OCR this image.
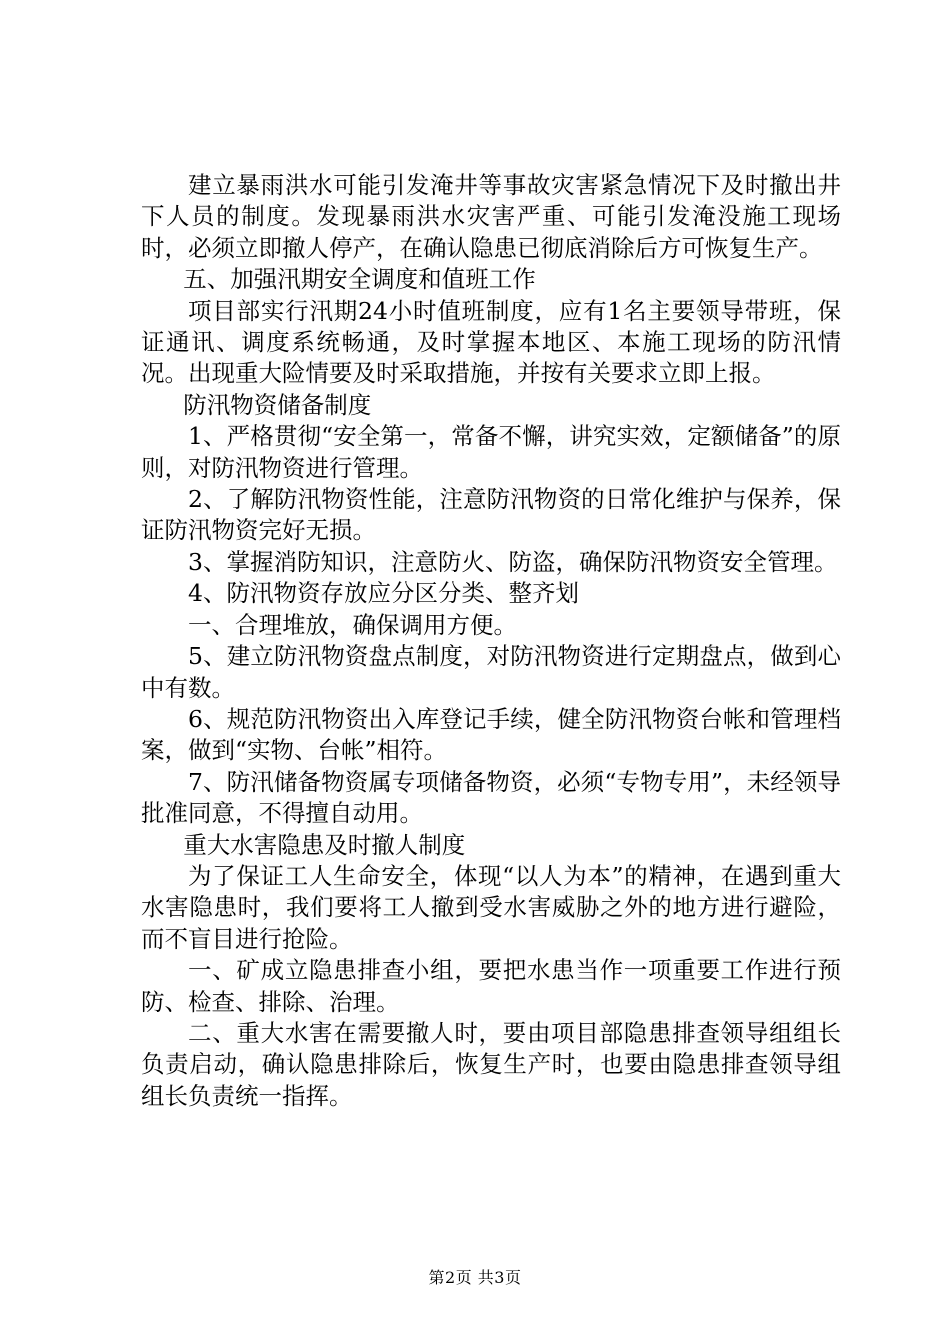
建立暴雨洪水可能引发淹井等事故灾害紧急情况下及时撤出井下人员的制度。发现暴雨洪水灾害严重、可能引发淹没施工现场时，必须立即撤人停产，在确认隐患已彻底消除后方可恢复生产。

五、加强汛期安全调度和值班工作

项目部实行汛期24小时值班制度，应有1名主要领导带班，保证通讯、调度系统畅通，及时掌握本地区、本施工现场的防汛情况。出现重大险情要及时采取措施，并按有关要求立即上报。

防汛物资储备制度

1、严格贯彻“安全第一，常备不懈，讲究实效，定额储备”的原则，对防汛物资进行管理。

2、了解防汛物资性能，注意防汛物资的日常化维护与保养，保证防汛物资完好无损。

3、掌握消防知识，注意防火、防盗，确保防汛物资安全管理。

4、防汛物资存放应分区分类、整齐划

一、合理堆放，确保调用方便。

5、建立防汛物资盘点制度，对防汛物资进行定期盘点，做到心中有数。

6、规范防汛物资出入库登记手续，健全防汛物资台帐和管理档案，做到“实物、台帐”相符。

7、防汛储备物资属专项储备物资，必须“专物专用”，未经领导批准同意，不得擅自动用。

重大水害隐患及时撤人制度

为了保证工人生命安全，体现“以人为本”的精神，在遇到重大水害隐患时，我们要将工人撤到受水害威胁之外的地方进行避险，而不盲目进行抢险。

一、矿成立隐患排查小组，要把水患当作一项重要工作进行预防、检查、排除、治理。

二、重大水害在需要撤人时，要由项目部隐患排查领导组组长负责启动，确认隐患排除后，恢复生产时，也要由隐患排查领导组组长负责统一指挥。

第2页 共3页
